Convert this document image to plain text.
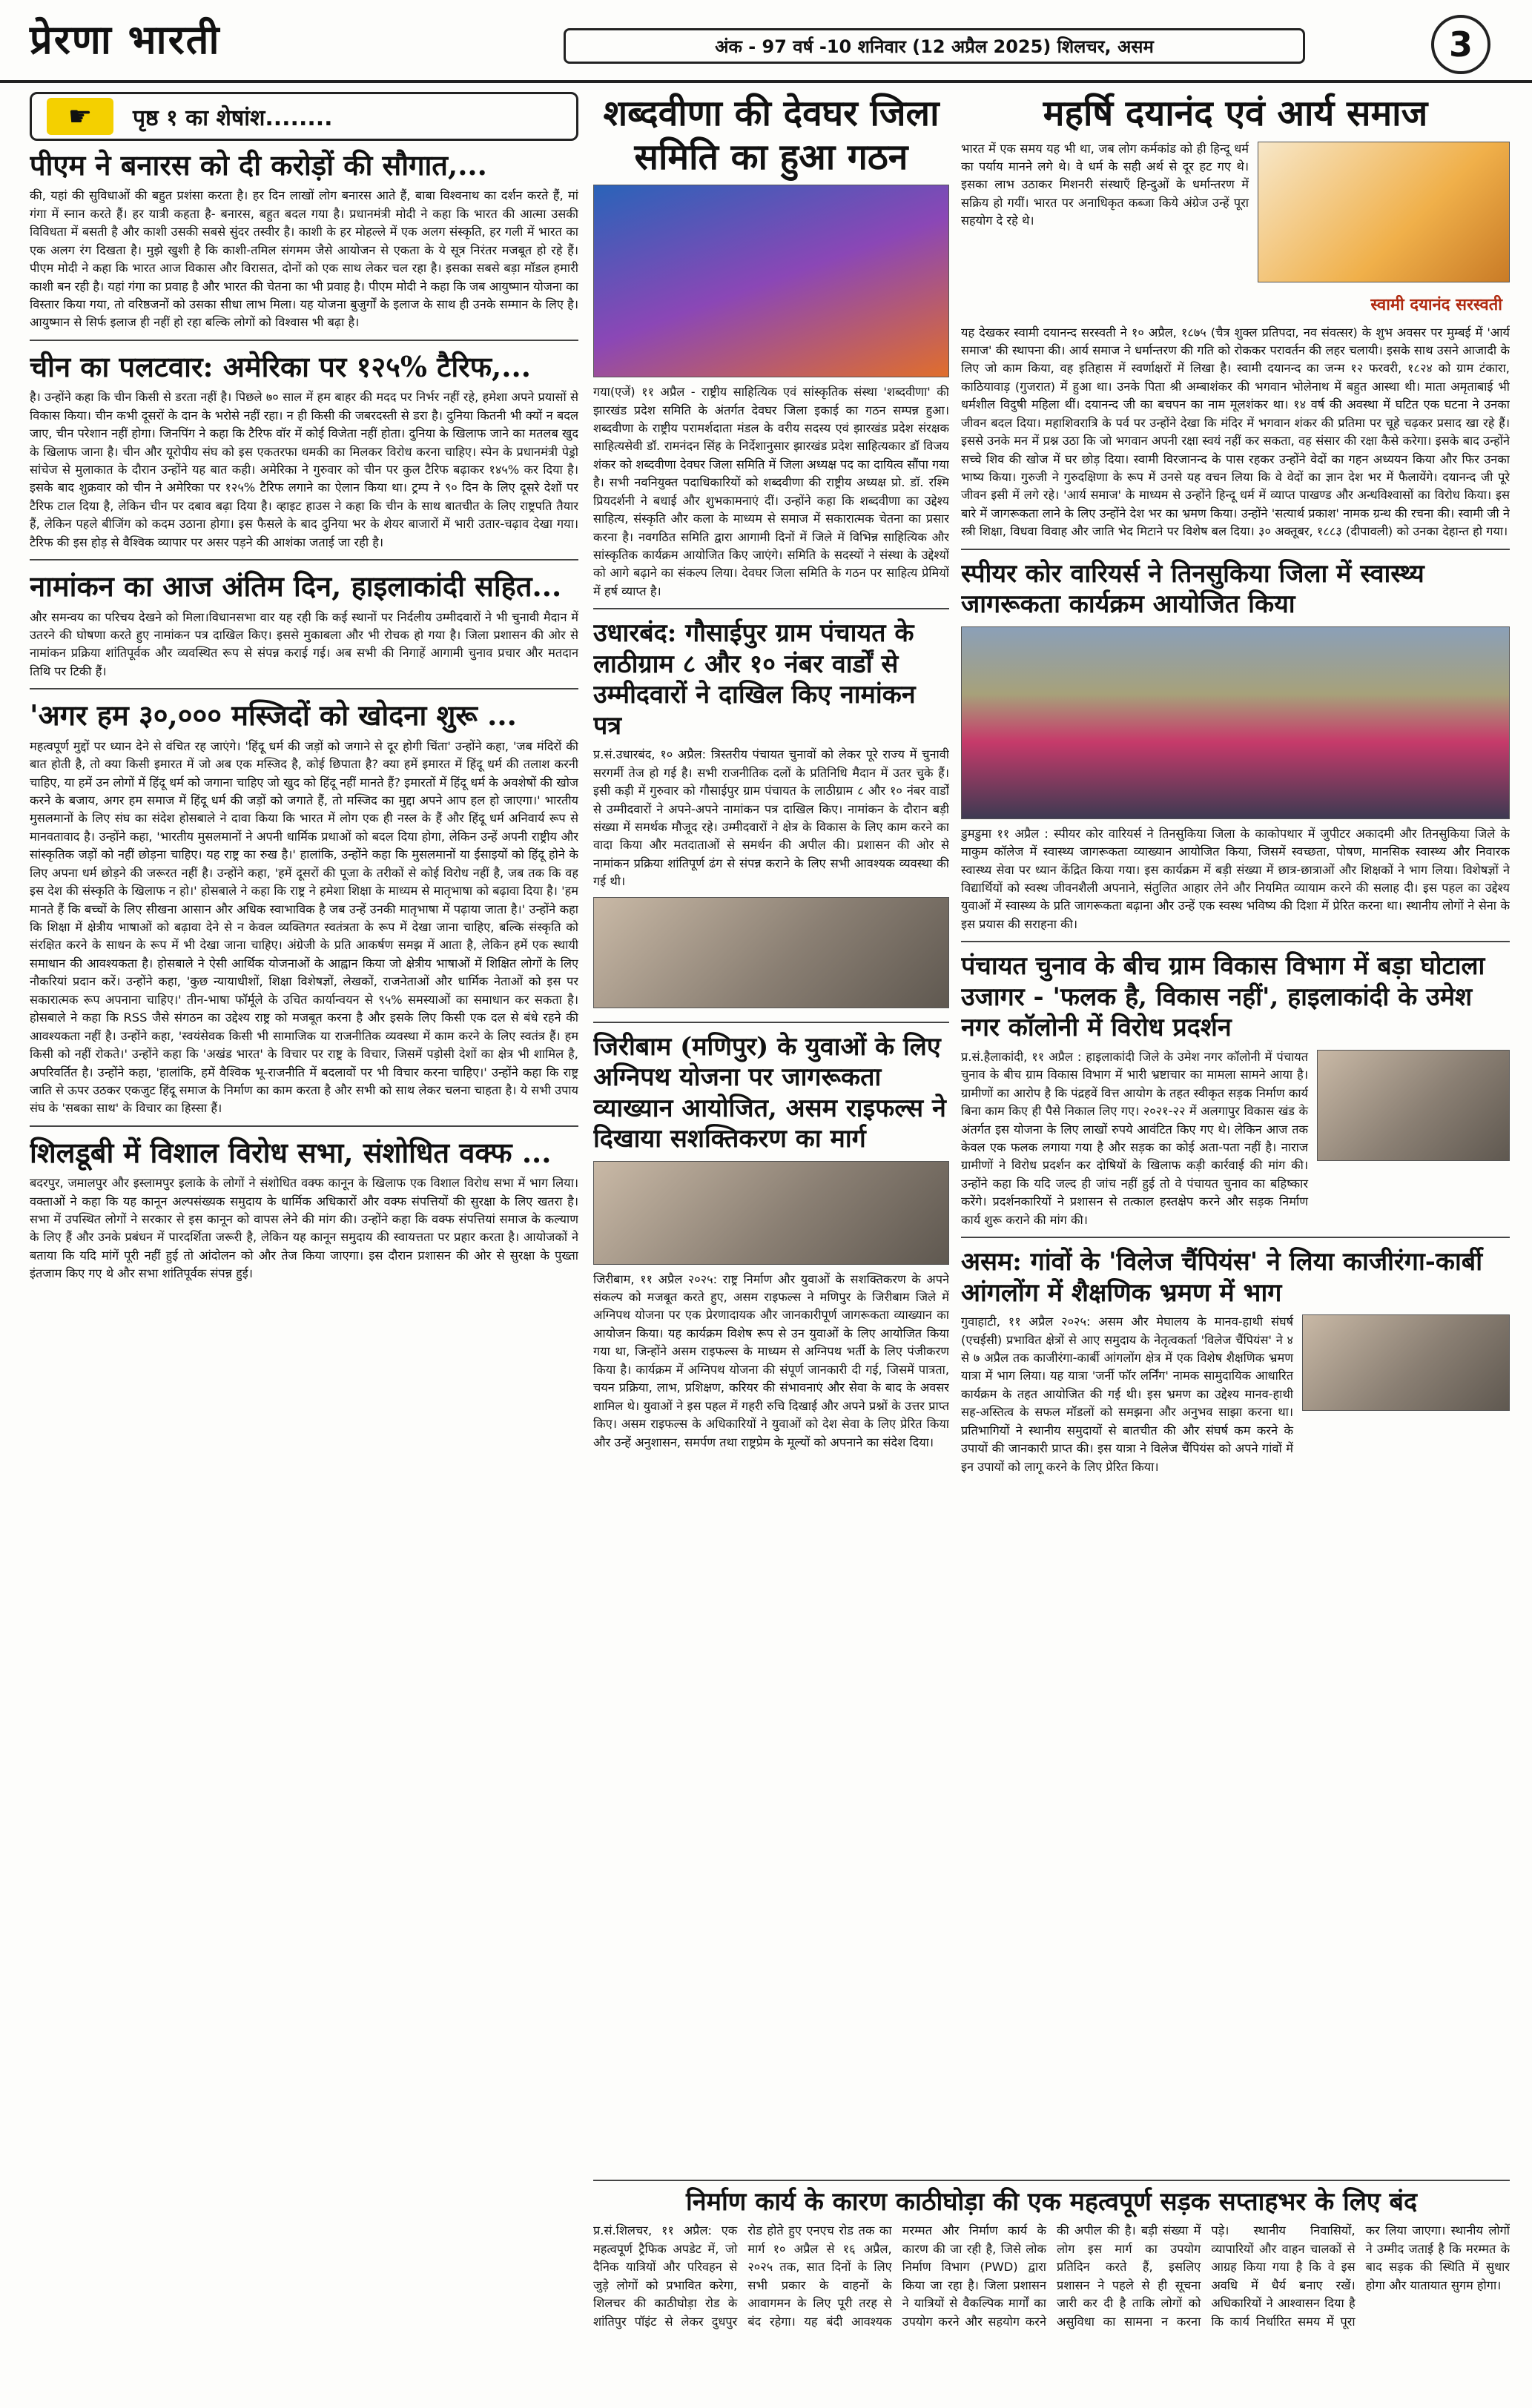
प्रेरणा भारती	अंक - 97 वर्ष -10 शनिवार (12 अप्रैल 2025) शिलचर, असम	3
☛	पृष्ठ १ का शेषांश........
पीएम ने बनारस को दी करोड़ों की सौगात,...

की, यहां की सुविधाओं की बहुत प्रशंसा करता है। हर दिन लाखों लोग बनारस आते हैं, बाबा विश्वनाथ का दर्शन करते हैं, मां गंगा में स्नान करते हैं। हर यात्री कहता है- बनारस, बहुत बदल गया है। प्रधानमंत्री मोदी ने कहा कि भारत की आत्मा उसकी विविधता में बसती है और काशी उसकी सबसे सुंदर तस्वीर है। काशी के हर मोहल्ले में एक अलग संस्कृति, हर गली में भारत का एक अलग रंग दिखता है। मुझे खुशी है कि काशी-तमिल संगमम जैसे आयोजन से एकता के ये सूत्र निरंतर मजबूत हो रहे हैं। पीएम मोदी ने कहा कि भारत आज विकास और विरासत, दोनों को एक साथ लेकर चल रहा है। इसका सबसे बड़ा मॉडल हमारी काशी बन रही है। यहां गंगा का प्रवाह है और भारत की चेतना का भी प्रवाह है। पीएम मोदी ने कहा कि जब आयुष्मान योजना का विस्तार किया गया, तो वरिष्ठजनों को उसका सीधा लाभ मिला। यह योजना बुजुर्गों के इलाज के साथ ही उनके सम्मान के लिए है। आयुष्मान से सिर्फ इलाज ही नहीं हो रहा बल्कि लोगों को विश्वास भी बढ़ा है।

चीन का पलटवार: अमेरिका पर १२५% टैरिफ,...

है। उन्होंने कहा कि चीन किसी से डरता नहीं है। पिछले ७० साल में हम बाहर की मदद पर निर्भर नहीं रहे, हमेशा अपने प्रयासों से विकास किया। चीन कभी दूसरों के दान के भरोसे नहीं रहा। न ही किसी की जबरदस्ती से डरा है। दुनिया कितनी भी क्यों न बदल जाए, चीन परेशान नहीं होगा। जिनपिंग ने कहा कि टैरिफ वॉर में कोई विजेता नहीं होता। दुनिया के खिलाफ जाने का मतलब खुद के खिलाफ जाना है। चीन और यूरोपीय संघ को इस एकतरफा धमकी का मिलकर विरोध करना चाहिए। स्पेन के प्रधानमंत्री पेड्रो सांचेज से मुलाकात के दौरान उन्होंने यह बात कही। अमेरिका ने गुरुवार को चीन पर कुल टैरिफ बढ़ाकर १४५% कर दिया है। इसके बाद शुक्रवार को चीन ने अमेरिका पर १२५% टैरिफ लगाने का ऐलान किया था। ट्रम्प ने ९० दिन के लिए दूसरे देशों पर टैरिफ टाल दिया है, लेकिन चीन पर दबाव बढ़ा दिया है। व्हाइट हाउस ने कहा कि चीन के साथ बातचीत के लिए राष्ट्रपति तैयार हैं, लेकिन पहले बीजिंग को कदम उठाना होगा। इस फैसले के बाद दुनिया भर के शेयर बाजारों में भारी उतार-चढ़ाव देखा गया। टैरिफ की इस होड़ से वैश्विक व्यापार पर असर पड़ने की आशंका जताई जा रही है।

नामांकन का आज अंतिम दिन, हाइलाकांदी सहित...

और समन्वय का परिचय देखने को मिला।विधानसभा वार यह रही कि कई स्थानों पर निर्दलीय उम्मीदवारों ने भी चुनावी मैदान में उतरने की घोषणा करते हुए नामांकन पत्र दाखिल किए। इससे मुकाबला और भी रोचक हो गया है। जिला प्रशासन की ओर से नामांकन प्रक्रिया शांतिपूर्वक और व्यवस्थित रूप से संपन्न कराई गई। अब सभी की निगाहें आगामी चुनाव प्रचार और मतदान तिथि पर टिकी हैं।

'अगर हम ३०,००० मस्जिदों को खोदना शुरू ...

महत्वपूर्ण मुद्दों पर ध्यान देने से वंचित रह जाएंगे। 'हिंदू धर्म की जड़ों को जगाने से दूर होगी चिंता' उन्होंने कहा, 'जब मंदिरों की बात होती है, तो क्या किसी इमारत में जो अब एक मस्जिद है, कोई छिपाता है? क्या हमें इमारत में हिंदू धर्म की तलाश करनी चाहिए, या हमें उन लोगों में हिंदू धर्म को जगाना चाहिए जो खुद को हिंदू नहीं मानते हैं? इमारतों में हिंदू धर्म के अवशेषों की खोज करने के बजाय, अगर हम समाज में हिंदू धर्म की जड़ों को जगाते हैं, तो मस्जिद का मुद्दा अपने आप हल हो जाएगा।' भारतीय मुसलमानों के लिए संघ का संदेश होसबाले ने दावा किया कि भारत में लोग एक ही नस्ल के हैं और हिंदू धर्म अनिवार्य रूप से मानवतावाद है। उन्होंने कहा, 'भारतीय मुसलमानों ने अपनी धार्मिक प्रथाओं को बदल दिया होगा, लेकिन उन्हें अपनी राष्ट्रीय और सांस्कृतिक जड़ों को नहीं छोड़ना चाहिए। यह राष्ट्र का रुख है।' हालांकि, उन्होंने कहा कि मुसलमानों या ईसाइयों को हिंदू होने के लिए अपना धर्म छोड़ने की जरूरत नहीं है। उन्होंने कहा, 'हमें दूसरों की पूजा के तरीकों से कोई विरोध नहीं है, जब तक कि वह इस देश की संस्कृति के खिलाफ न हो।' होसबाले ने कहा कि राष्ट्र ने हमेशा शिक्षा के माध्यम से मातृभाषा को बढ़ावा दिया है। 'हम मानते हैं कि बच्चों के लिए सीखना आसान और अधिक स्वाभाविक है जब उन्हें उनकी मातृभाषा में पढ़ाया जाता है।' उन्होंने कहा कि शिक्षा में क्षेत्रीय भाषाओं को बढ़ावा देने से न केवल व्यक्तिगत स्वतंत्रता के रूप में देखा जाना चाहिए, बल्कि संस्कृति को संरक्षित करने के साधन के रूप में भी देखा जाना चाहिए। अंग्रेजी के प्रति आकर्षण समझ में आता है, लेकिन हमें एक स्थायी समाधान की आवश्यकता है। होसबाले ने ऐसी आर्थिक योजनाओं के आह्वान किया जो क्षेत्रीय भाषाओं में शिक्षित लोगों के लिए नौकरियां प्रदान करें। उन्होंने कहा, 'कुछ न्यायाधीशों, शिक्षा विशेषज्ञों, लेखकों, राजनेताओं और धार्मिक नेताओं को इस पर सकारात्मक रूप अपनाना चाहिए।' तीन-भाषा फॉर्मूले के उचित कार्यान्वयन से ९५% समस्याओं का समाधान कर सकता है। होसबाले ने कहा कि RSS जैसे संगठन का उद्देश्य राष्ट्र को मजबूत करना है और इसके लिए किसी एक दल से बंधे रहने की आवश्यकता नहीं है। उन्होंने कहा, 'स्वयंसेवक किसी भी सामाजिक या राजनीतिक व्यवस्था में काम करने के लिए स्वतंत्र हैं। हम किसी को नहीं रोकते।' उन्होंने कहा कि 'अखंड भारत' के विचार पर राष्ट्र के विचार, जिसमें पड़ोसी देशों का क्षेत्र भी शामिल है, अपरिवर्तित है। उन्होंने कहा, 'हालांकि, हमें वैश्विक भू-राजनीति में बदलावों पर भी विचार करना चाहिए।' उन्होंने कहा कि राष्ट्र जाति से ऊपर उठकर एकजुट हिंदू समाज के निर्माण का काम करता है और सभी को साथ लेकर चलना चाहता है। ये सभी उपाय संघ के 'सबका साथ' के विचार का हिस्सा हैं।

शिलडूबी में विशाल विरोध सभा, संशोधित वक्फ ...

बदरपुर, जमालपुर और इस्लामपुर इलाके के लोगों ने संशोधित वक्फ कानून के खिलाफ एक विशाल विरोध सभा में भाग लिया। वक्ताओं ने कहा कि यह कानून अल्पसंख्यक समुदाय के धार्मिक अधिकारों और वक्फ संपत्तियों की सुरक्षा के लिए खतरा है। सभा में उपस्थित लोगों ने सरकार से इस कानून को वापस लेने की मांग की। उन्होंने कहा कि वक्फ संपत्तियां समाज के कल्याण के लिए हैं और उनके प्रबंधन में पारदर्शिता जरूरी है, लेकिन यह कानून समुदाय की स्वायत्तता पर प्रहार करता है। आयोजकों ने बताया कि यदि मांगें पूरी नहीं हुई तो आंदोलन को और तेज किया जाएगा। इस दौरान प्रशासन की ओर से सुरक्षा के पुख्ता इंतजाम किए गए थे और सभा शांतिपूर्वक संपन्न हुई।

शब्दवीणा की देवघर जिला समिति का हुआ गठन

गया(एजें) ११ अप्रैल - राष्ट्रीय साहित्यिक एवं सांस्कृतिक संस्था 'शब्दवीणा' की झारखंड प्रदेश समिति के अंतर्गत देवघर जिला इकाई का गठन सम्पन्न हुआ। शब्दवीणा के राष्ट्रीय परामर्शदाता मंडल के वरीय सदस्य एवं झारखंड प्रदेश संरक्षक साहित्यसेवी डॉ. रामनंदन सिंह के निर्देशानुसार झारखंड प्रदेश साहित्यकार डॉ विजय शंकर को शब्दवीणा देवघर जिला समिति में जिला अध्यक्ष पद का दायित्व सौंपा गया है। सभी नवनियुक्त पदाधिकारियों को शब्दवीणा की राष्ट्रीय अध्यक्ष प्रो. डॉ. रश्मि प्रियदर्शनी ने बधाई और शुभकामनाएं दीं। उन्होंने कहा कि शब्दवीणा का उद्देश्य साहित्य, संस्कृति और कला के माध्यम से समाज में सकारात्मक चेतना का प्रसार करना है। नवगठित समिति द्वारा आगामी दिनों में जिले में विभिन्न साहित्यिक और सांस्कृतिक कार्यक्रम आयोजित किए जाएंगे। समिति के सदस्यों ने संस्था के उद्देश्यों को आगे बढ़ाने का संकल्प लिया। देवघर जिला समिति के गठन पर साहित्य प्रेमियों में हर्ष व्याप्त है।

उधारबंद: गौसाईपुर ग्राम पंचायत के लाठीग्राम ८ और १० नंबर वार्डों से उम्मीदवारों ने दाखिल किए नामांकन पत्र

प्र.सं.उधारबंद, १० अप्रैल: त्रिस्तरीय पंचायत चुनावों को लेकर पूरे राज्य में चुनावी सरगर्मी तेज हो गई है। सभी राजनीतिक दलों के प्रतिनिधि मैदान में उतर चुके हैं। इसी कड़ी में गुरुवार को गौसाईपुर ग्राम पंचायत के लाठीग्राम ८ और १० नंबर वार्डों से उम्मीदवारों ने अपने-अपने नामांकन पत्र दाखिल किए। नामांकन के दौरान बड़ी संख्या में समर्थक मौजूद रहे। उम्मीदवारों ने क्षेत्र के विकास के लिए काम करने का वादा किया और मतदाताओं से समर्थन की अपील की। प्रशासन की ओर से नामांकन प्रक्रिया शांतिपूर्ण ढंग से संपन्न कराने के लिए सभी आवश्यक व्यवस्था की गई थी।

जिरीबाम (मणिपुर) के युवाओं के लिए अग्निपथ योजना पर जागरूकता व्याख्यान आयोजित, असम राइफल्स ने दिखाया सशक्तिकरण का मार्ग

जिरीबाम, ११ अप्रैल २०२५: राष्ट्र निर्माण और युवाओं के सशक्तिकरण के अपने संकल्प को मजबूत करते हुए, असम राइफल्स ने मणिपुर के जिरीबाम जिले में अग्निपथ योजना पर एक प्रेरणादायक और जानकारीपूर्ण जागरूकता व्याख्यान का आयोजन किया। यह कार्यक्रम विशेष रूप से उन युवाओं के लिए आयोजित किया गया था, जिन्होंने असम राइफल्स के माध्यम से अग्निपथ भर्ती के लिए पंजीकरण किया है। कार्यक्रम में अग्निपथ योजना की संपूर्ण जानकारी दी गई, जिसमें पात्रता, चयन प्रक्रिया, लाभ, प्रशिक्षण, करियर की संभावनाएं और सेवा के बाद के अवसर शामिल थे। युवाओं ने इस पहल में गहरी रुचि दिखाई और अपने प्रश्नों के उत्तर प्राप्त किए। असम राइफल्स के अधिकारियों ने युवाओं को देश सेवा के लिए प्रेरित किया और उन्हें अनुशासन, समर्पण तथा राष्ट्रप्रेम के मूल्यों को अपनाने का संदेश दिया।

महर्षि दयानंद एवं आर्य समाज

भारत में एक समय यह भी था, जब लोग कर्मकांड को ही हिन्दू धर्म का पर्याय मानने लगे थे। वे धर्म के सही अर्थ से दूर हट गए थे। इसका लाभ उठाकर मिशनरी संस्थाएँ हिन्दुओं के धर्मान्तरण में सक्रिय हो गयीं। भारत पर अनाधिकृत कब्जा किये अंग्रेज उन्हें पूरा सहयोग दे रहे थे।

स्वामी दयानंद सरस्वती

यह देखकर स्वामी दयानन्द सरस्वती ने १० अप्रैल, १८७५ (चैत्र शुक्ल प्रतिपदा, नव संवत्सर) के शुभ अवसर पर मुम्बई में 'आर्य समाज' की स्थापना की। आर्य समाज ने धर्मान्तरण की गति को रोककर परावर्तन की लहर चलायी। इसके साथ उसने आजादी के लिए जो काम किया, वह इतिहास में स्वर्णाक्षरों में लिखा है। स्वामी दयानन्द का जन्म १२ फरवरी, १८२४ को ग्राम टंकारा, काठियावाड़ (गुजरात) में हुआ था। उनके पिता श्री अम्बाशंकर की भगवान भोलेनाथ में बहुत आस्था थी। माता अमृताबाई भी धर्मशील विदुषी महिला थीं। दयानन्द जी का बचपन का नाम मूलशंकर था। १४ वर्ष की अवस्था में घटित एक घटना ने उनका जीवन बदल दिया। महाशिवरात्रि के पर्व पर उन्होंने देखा कि मंदिर में भगवान शंकर की प्रतिमा पर चूहे चढ़कर प्रसाद खा रहे हैं। इससे उनके मन में प्रश्न उठा कि जो भगवान अपनी रक्षा स्वयं नहीं कर सकता, वह संसार की रक्षा कैसे करेगा। इसके बाद उन्होंने सच्चे शिव की खोज में घर छोड़ दिया। स्वामी विरजानन्द के पास रहकर उन्होंने वेदों का गहन अध्ययन किया और फिर उनका भाष्य किया। गुरुजी ने गुरुदक्षिणा के रूप में उनसे यह वचन लिया कि वे वेदों का ज्ञान देश भर में फैलायेंगे। दयानन्द जी पूरे जीवन इसी में लगे रहे। 'आर्य समाज' के माध्यम से उन्होंने हिन्दू धर्म में व्याप्त पाखण्ड और अन्धविश्वासों का विरोध किया। इस बारे में जागरूकता लाने के लिए उन्होंने देश भर का भ्रमण किया। उन्होंने 'सत्यार्थ प्रकाश' नामक ग्रन्थ की रचना की। स्वामी जी ने स्त्री शिक्षा, विधवा विवाह और जाति भेद मिटाने पर विशेष बल दिया। ३० अक्तूबर, १८८३ (दीपावली) को उनका देहान्त हो गया।

स्पीयर कोर वारियर्स ने तिनसुकिया जिला में स्वास्थ्य जागरूकता कार्यक्रम आयोजित किया

डुमडुमा ११ अप्रैल : स्पीयर कोर वारियर्स ने तिनसुकिया जिला के काकोपथार में जुपीटर अकादमी और तिनसुकिया जिले के माकुम कॉलेज में स्वास्थ्य जागरूकता व्याख्यान आयोजित किया, जिसमें स्वच्छता, पोषण, मानसिक स्वास्थ्य और निवारक स्वास्थ्य सेवा पर ध्यान केंद्रित किया गया। इस कार्यक्रम में बड़ी संख्या में छात्र-छात्राओं और शिक्षकों ने भाग लिया। विशेषज्ञों ने विद्यार्थियों को स्वस्थ जीवनशैली अपनाने, संतुलित आहार लेने और नियमित व्यायाम करने की सलाह दी। इस पहल का उद्देश्य युवाओं में स्वास्थ्य के प्रति जागरूकता बढ़ाना और उन्हें एक स्वस्थ भविष्य की दिशा में प्रेरित करना था। स्थानीय लोगों ने सेना के इस प्रयास की सराहना की।

पंचायत चुनाव के बीच ग्राम विकास विभाग में बड़ा घोटाला उजागर - 'फलक है, विकास नहीं', हाइलाकांदी के उमेश नगर कॉलोनी में विरोध प्रदर्शन

प्र.सं.हैलाकांदी, ११ अप्रैल : हाइलाकांदी जिले के उमेश नगर कॉलोनी में पंचायत चुनाव के बीच ग्राम विकास विभाग में भारी भ्रष्टाचार का मामला सामने आया है। ग्रामीणों का आरोप है कि पंद्रहवें वित्त आयोग के तहत स्वीकृत सड़क निर्माण कार्य बिना काम किए ही पैसे निकाल लिए गए। २०२१-२२ में अलगापुर विकास खंड के अंतर्गत इस योजना के लिए लाखों रुपये आवंटित किए गए थे। लेकिन आज तक केवल एक फलक लगाया गया है और सड़क का कोई अता-पता नहीं है। नाराज ग्रामीणों ने विरोध प्रदर्शन कर दोषियों के खिलाफ कड़ी कार्रवाई की मांग की। उन्होंने कहा कि यदि जल्द ही जांच नहीं हुई तो वे पंचायत चुनाव का बहिष्कार करेंगे। प्रदर्शनकारियों ने प्रशासन से तत्काल हस्तक्षेप करने और सड़क निर्माण कार्य शुरू कराने की मांग की।

असम: गांवों के 'विलेज चैंपियंस' ने लिया काजीरंगा-कार्बी आंगलोंग में शैक्षणिक भ्रमण में भाग

गुवाहाटी, ११ अप्रैल २०२५: असम और मेघालय के मानव-हाथी संघर्ष (एचईसी) प्रभावित क्षेत्रों से आए समुदाय के नेतृत्वकर्ता 'विलेज चैंपियंस' ने ४ से ७ अप्रैल तक काजीरंगा-कार्बी आंगलोंग क्षेत्र में एक विशेष शैक्षणिक भ्रमण यात्रा में भाग लिया। यह यात्रा 'जर्नी फॉर लर्निंग' नामक सामुदायिक आधारित कार्यक्रम के तहत आयोजित की गई थी। इस भ्रमण का उद्देश्य मानव-हाथी सह-अस्तित्व के सफल मॉडलों को समझना और अनुभव साझा करना था। प्रतिभागियों ने स्थानीय समुदायों से बातचीत की और संघर्ष कम करने के उपायों की जानकारी प्राप्त की। इस यात्रा ने विलेज चैंपियंस को अपने गांवों में इन उपायों को लागू करने के लिए प्रेरित किया।

निर्माण कार्य के कारण काठीघोड़ा की एक महत्वपूर्ण सड़क सप्ताहभर के लिए बंद

प्र.सं.शिलचर, ११ अप्रैल: एक महत्वपूर्ण ट्रैफिक अपडेट में, जो दैनिक यात्रियों और परिवहन से जुड़े लोगों को प्रभावित करेगा, शिलचर की काठीघोड़ा रोड के शांतिपुर पॉइंट से लेकर दुधपुर रोड होते हुए एनएच रोड तक का मार्ग १० अप्रैल से १६ अप्रैल, २०२५ तक, सात दिनों के लिए सभी प्रकार के वाहनों के आवागमन के लिए पूरी तरह से बंद रहेगा। यह बंदी आवश्यक मरम्मत और निर्माण कार्य के कारण की जा रही है, जिसे लोक निर्माण विभाग (PWD) द्वारा किया जा रहा है। जिला प्रशासन ने यात्रियों से वैकल्पिक मार्गों का उपयोग करने और सहयोग करने की अपील की है। बड़ी संख्या में लोग इस मार्ग का उपयोग प्रतिदिन करते हैं, इसलिए प्रशासन ने पहले से ही सूचना जारी कर दी है ताकि लोगों को असुविधा का सामना न करना पड़े। स्थानीय निवासियों, व्यापारियों और वाहन चालकों से आग्रह किया गया है कि वे इस अवधि में धैर्य बनाए रखें। अधिकारियों ने आश्वासन दिया है कि कार्य निर्धारित समय में पूरा कर लिया जाएगा। स्थानीय लोगों ने उम्मीद जताई है कि मरम्मत के बाद सड़क की स्थिति में सुधार होगा और यातायात सुगम होगा।
